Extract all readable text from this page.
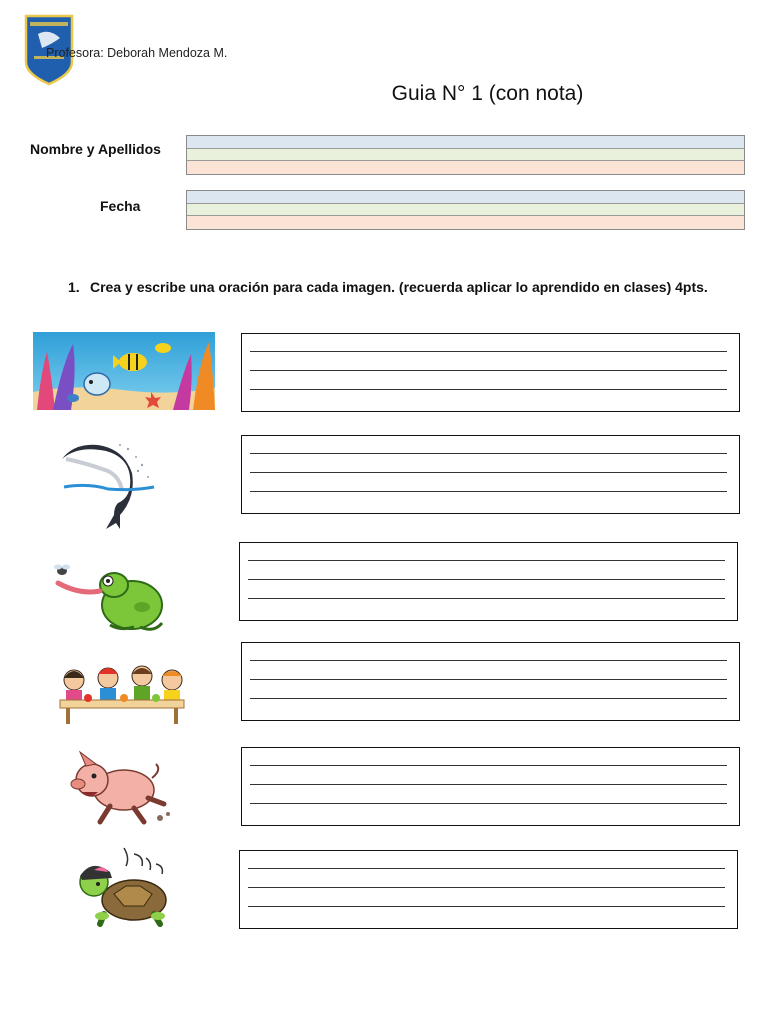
Profesora: Deborah Mendoza M.
Guia N° 1 (con nota)
Nombre y Apellidos
Fecha
1. Crea y escribe una oración para cada imagen. (recuerda aplicar lo aprendido en clases) 4pts.
